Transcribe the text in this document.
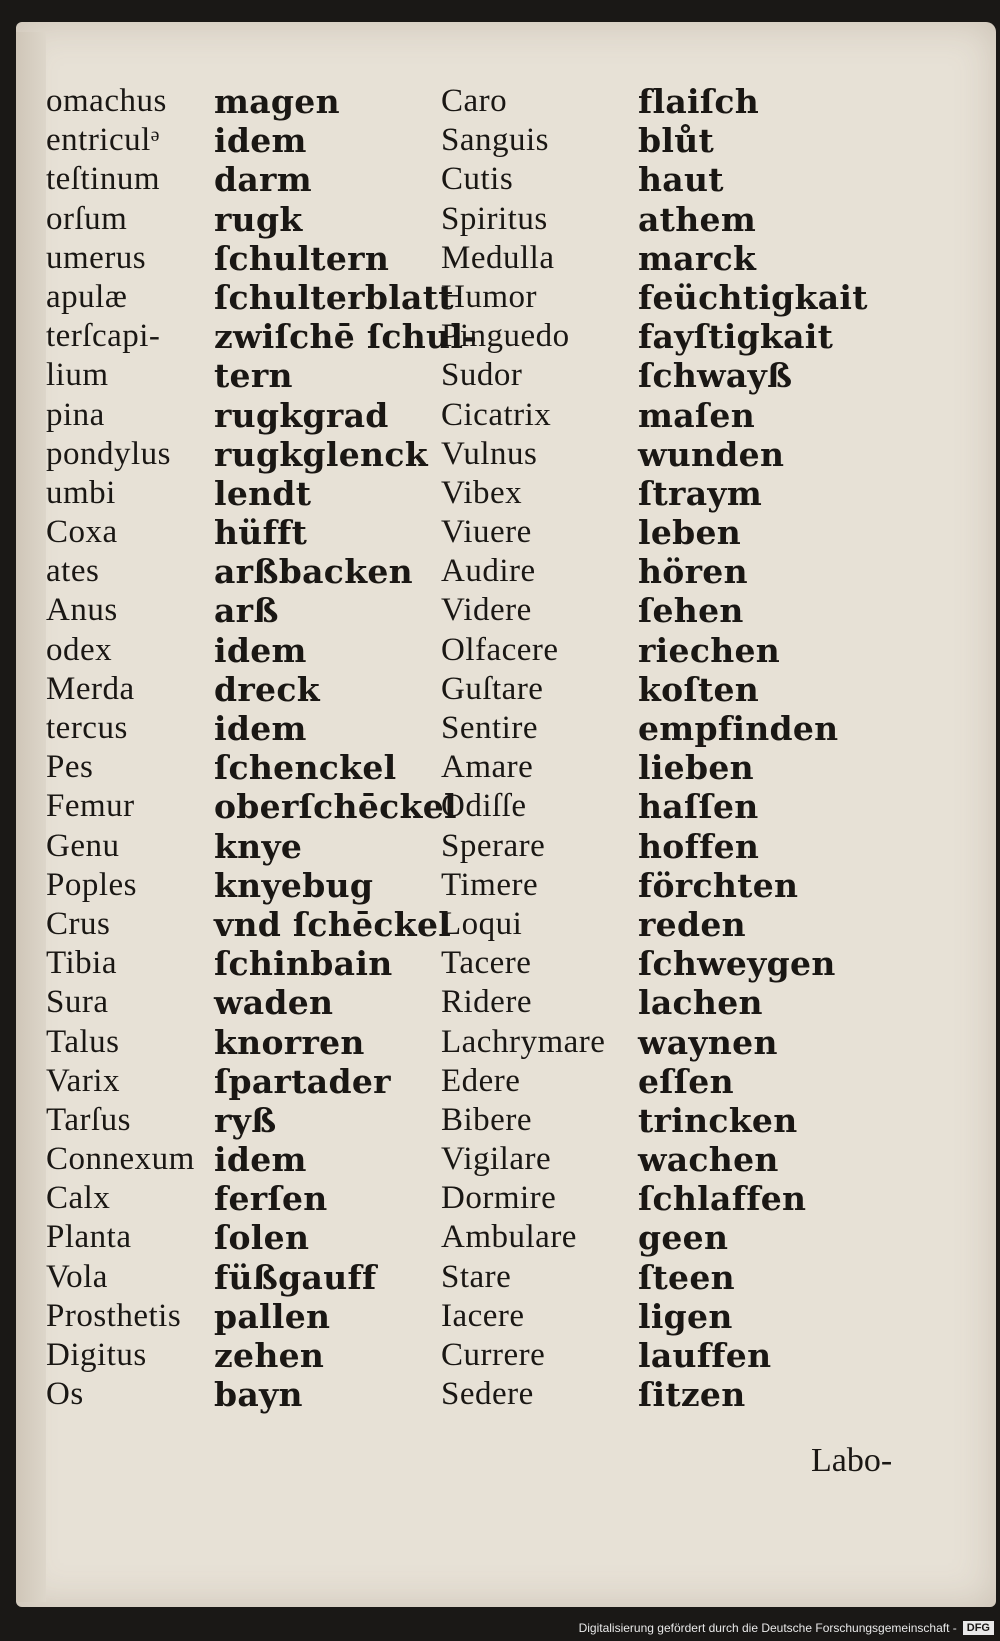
omachus
entriculᵊ
teſtinum
orſum
umerus
apulæ
terſcapi-
lium
pina
pondylus
umbi
Coxa
ates
Anus
odex
Merda
tercus
Pes
Femur
Genu
Poples
Crus
Tibia
Sura
Talus
Varix
Tarſus
Connexum
Calx
Planta
Vola
Prosthetis
Digitus
Os
magen
idem
darm
rugk
ſchultern
ſchulterblatt
zwiſchē ſchul-
tern
rugkgrad
rugkglenck
lendt
hüfft
arßbacken
arß
idem
dreck
idem
ſchenckel
oberſchēckel
knye
knyebug
vnd ſchēckel
ſchinbain
waden
knorren
ſpartader
ryß
idem
ferſen
ſolen
füßgauff
pallen
zehen
bayn
Caro
Sanguis
Cutis
Spiritus
Medulla
Humor
Pinguedo
Sudor
Cicatrix
Vulnus
Vibex
Viuere
Audire
Videre
Olfacere
Guſtare
Sentire
Amare
Odiſſe
Sperare
Timere
Loqui
Tacere
Ridere
Lachrymare
Edere
Bibere
Vigilare
Dormire
Ambulare
Stare
Iacere
Currere
Sedere
flaiſch
blůt
haut
athem
marck
feüchtigkait
fayſtigkait
ſchwayß
maſen
wunden
ſtraym
leben
hören
ſehen
riechen
koſten
empfinden
lieben
haſſen
hoffen
förchten
reden
ſchweygen
lachen
waynen
eſſen
trincken
wachen
ſchlaffen
geen
ſteen
ligen
lauffen
ſitzen
Labo-
Digitalisierung gefördert durch die Deutsche Forschungsgemeinschaft - DFG
